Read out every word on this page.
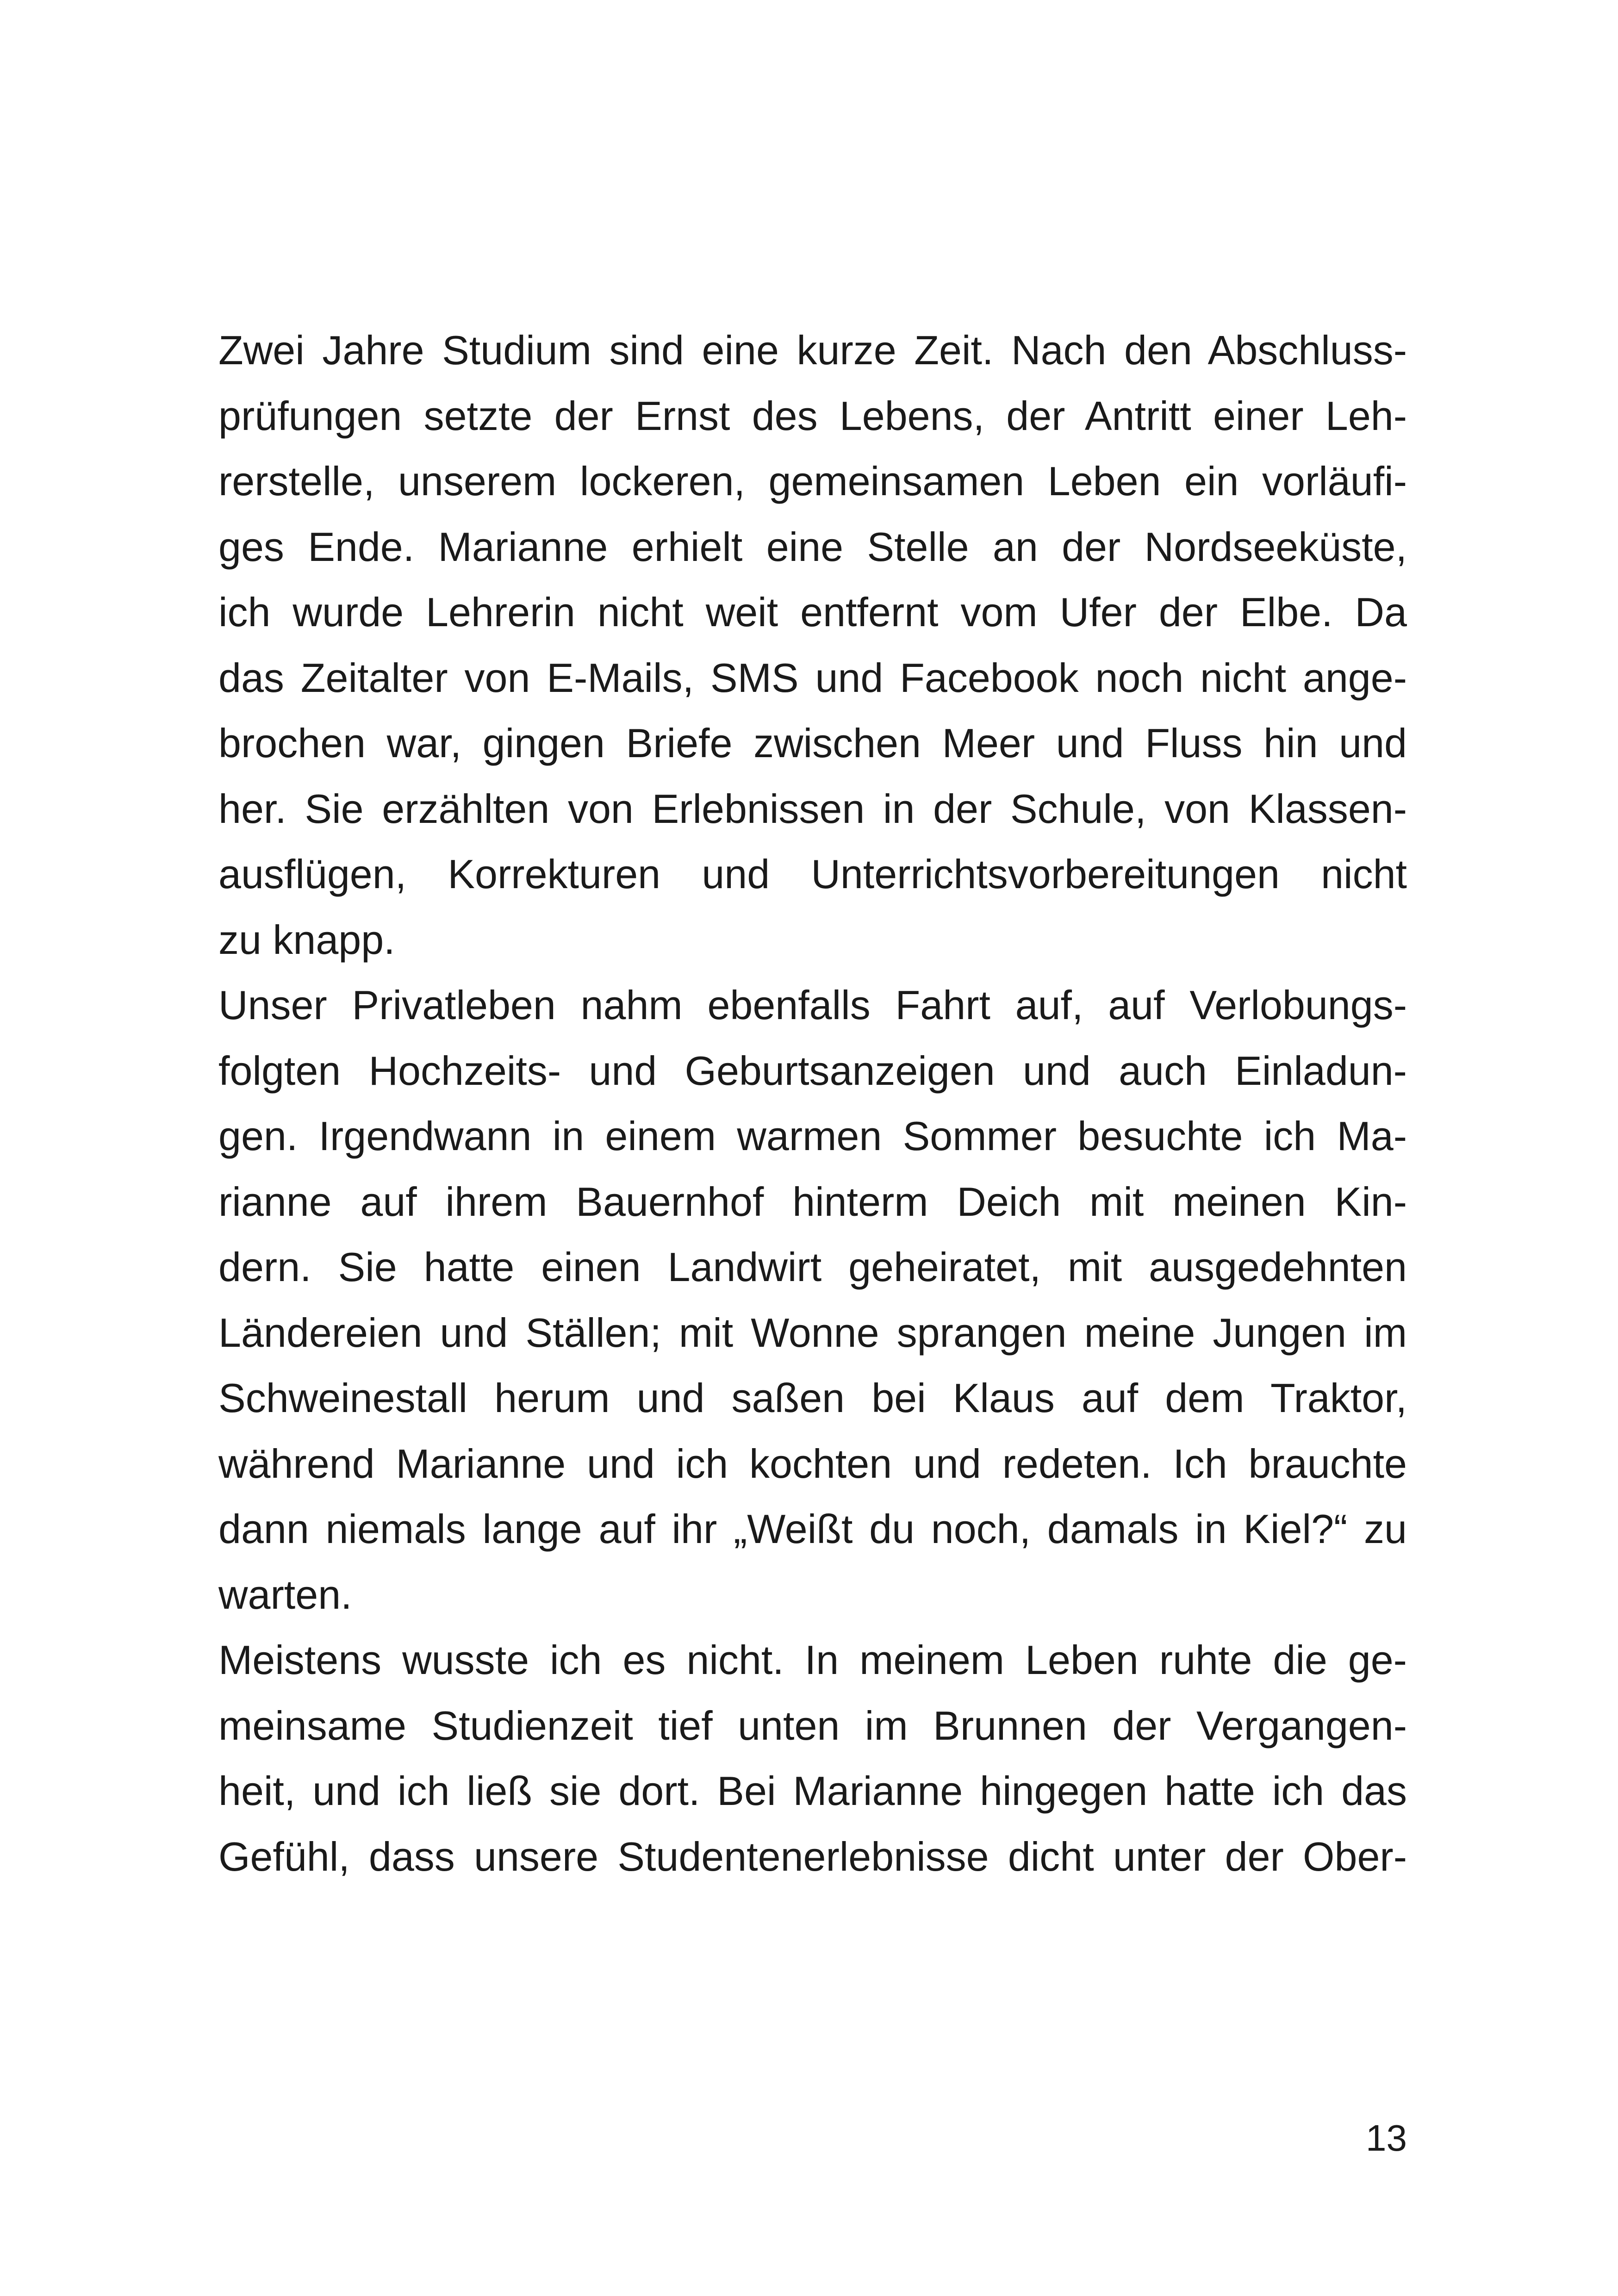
Zwei Jahre Studium sind eine kurze Zeit. Nach den Abschluss-
prüfungen setzte der Ernst des Lebens, der Antritt einer Leh-
rerstelle, unserem lockeren, gemeinsamen Leben ein vorläufi-
ges Ende. Marianne erhielt eine Stelle an der Nordseeküste,
ich wurde Lehrerin nicht weit entfernt vom Ufer der Elbe. Da
das Zeitalter von E-Mails, SMS und Facebook noch nicht ange-
brochen war, gingen Briefe zwischen Meer und Fluss hin und
her. Sie erzählten von Erlebnissen in der Schule, von Klassen-
ausflügen, Korrekturen und Unterrichtsvorbereitungen nicht
zu knapp.
Unser Privatleben nahm ebenfalls Fahrt auf, auf Verlobungs-
folgten Hochzeits- und Geburtsanzeigen und auch Einladun-
gen. Irgendwann in einem warmen Sommer besuchte ich Ma-
rianne auf ihrem Bauernhof hinterm Deich mit meinen Kin-
dern. Sie hatte einen Landwirt geheiratet, mit ausgedehnten
Ländereien und Ställen; mit Wonne sprangen meine Jungen im
Schweinestall herum und saßen bei Klaus auf dem Traktor,
während Marianne und ich kochten und redeten. Ich brauchte
dann niemals lange auf ihr „Weißt du noch, damals in Kiel?“ zu
warten.
Meistens wusste ich es nicht. In meinem Leben ruhte die ge-
meinsame Studienzeit tief unten im Brunnen der Vergangen-
heit, und ich ließ sie dort. Bei Marianne hingegen hatte ich das
Gefühl, dass unsere Studentenerlebnisse dicht unter der Ober-
13
